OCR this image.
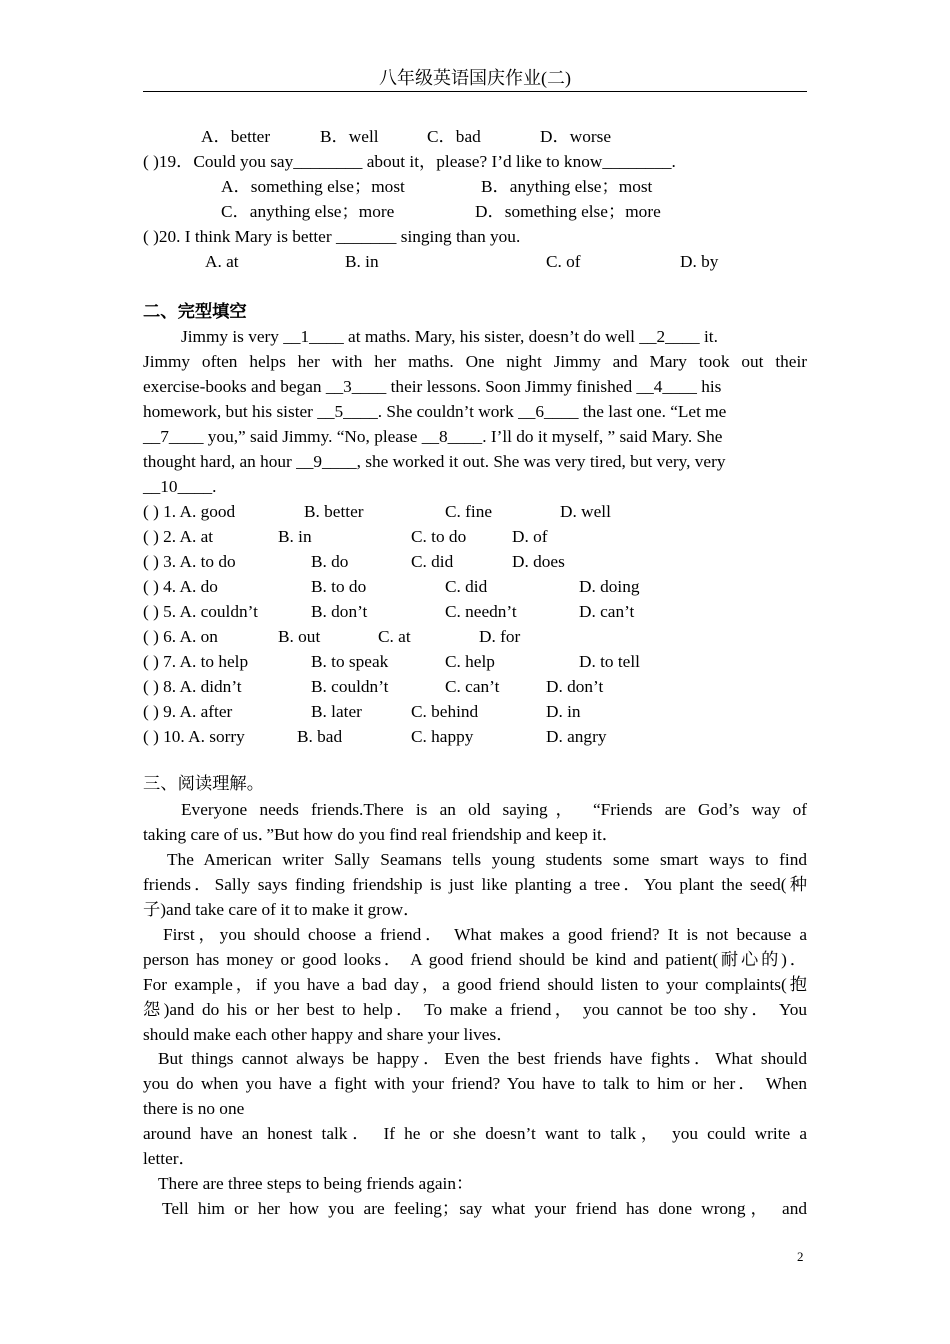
八年级英语国庆作业(二)
A．better	B．well	C．bad	D．worse
( )19．Could you say________ about it，please? I’d like to know________.
A．something else；most	B．anything else；most
C．anything else；more	D．something else；more
( )20. I think Mary is better _______ singing than you.
A. at	B. in	C. of	D. by
二、完型填空
Jimmy is very __1____ at maths. Mary, his sister, doesn’t do well __2____ it.
Jimmy often helps her with her maths. One night Jimmy and Mary took out their
exercise-books and began __3____ their lessons. Soon Jimmy finished __4____ his
homework, but his sister __5____. She couldn’t work __6____ the last one. “Let me
__7____ you,” said Jimmy. “No, please __8____. I’ll do it myself, ” said Mary. She
thought hard, an hour __9____, she worked it out. She was very tired, but very, very
__10____.
( ) 1. A. good	B. better	C. fine	D. well
( ) 2. A. at	B. in	C. to do	D. of
( ) 3. A. to do	B. do	C. did	D. does
( ) 4. A. do	B. to do	C. did	D. doing
( ) 5. A. couldn’t	B. don’t	C. needn’t	D. can’t
( ) 6. A. on	B. out	C. at	D. for
( ) 7. A. to help	B. to speak	C. help	D. to tell
( ) 8. A. didn’t	B. couldn’t	C. can’t	D. don’t
( ) 9. A. after	B. later	C. behind	D. in
( ) 10. A. sorry	B. bad	C. happy	D. angry
三、阅读理解。
Everyone needs friends.There is an old saying， “Friends are God’s way of
taking care of us．”But how do you find real friendship and keep it．
The American writer Sally Seamans tells young students some smart ways to find
friends．Sally says finding friendship is just like planting a tree．You plant the seed(种
子)and take care of it to make it grow．
First，you should choose a friend． What makes a good friend? It is not because a
person has money or good looks． A good friend should be kind and patient(耐心的)．
For example，if you have a bad day，a good friend should listen to your complaints(抱
怨)and do his or her best to help． To make a friend， you cannot be too shy． You
should make each other happy and share your lives．
But things cannot always be happy．Even the best friends have fights．What should
you do when you have a fight with your friend? You have to talk to him or her． When
there is no one
around have an honest talk． If he or she doesn’t want to talk， you could write a
letter．
There are three steps to being friends again：
Tell him or her how you are feeling；say what your friend has done wrong， and
2
